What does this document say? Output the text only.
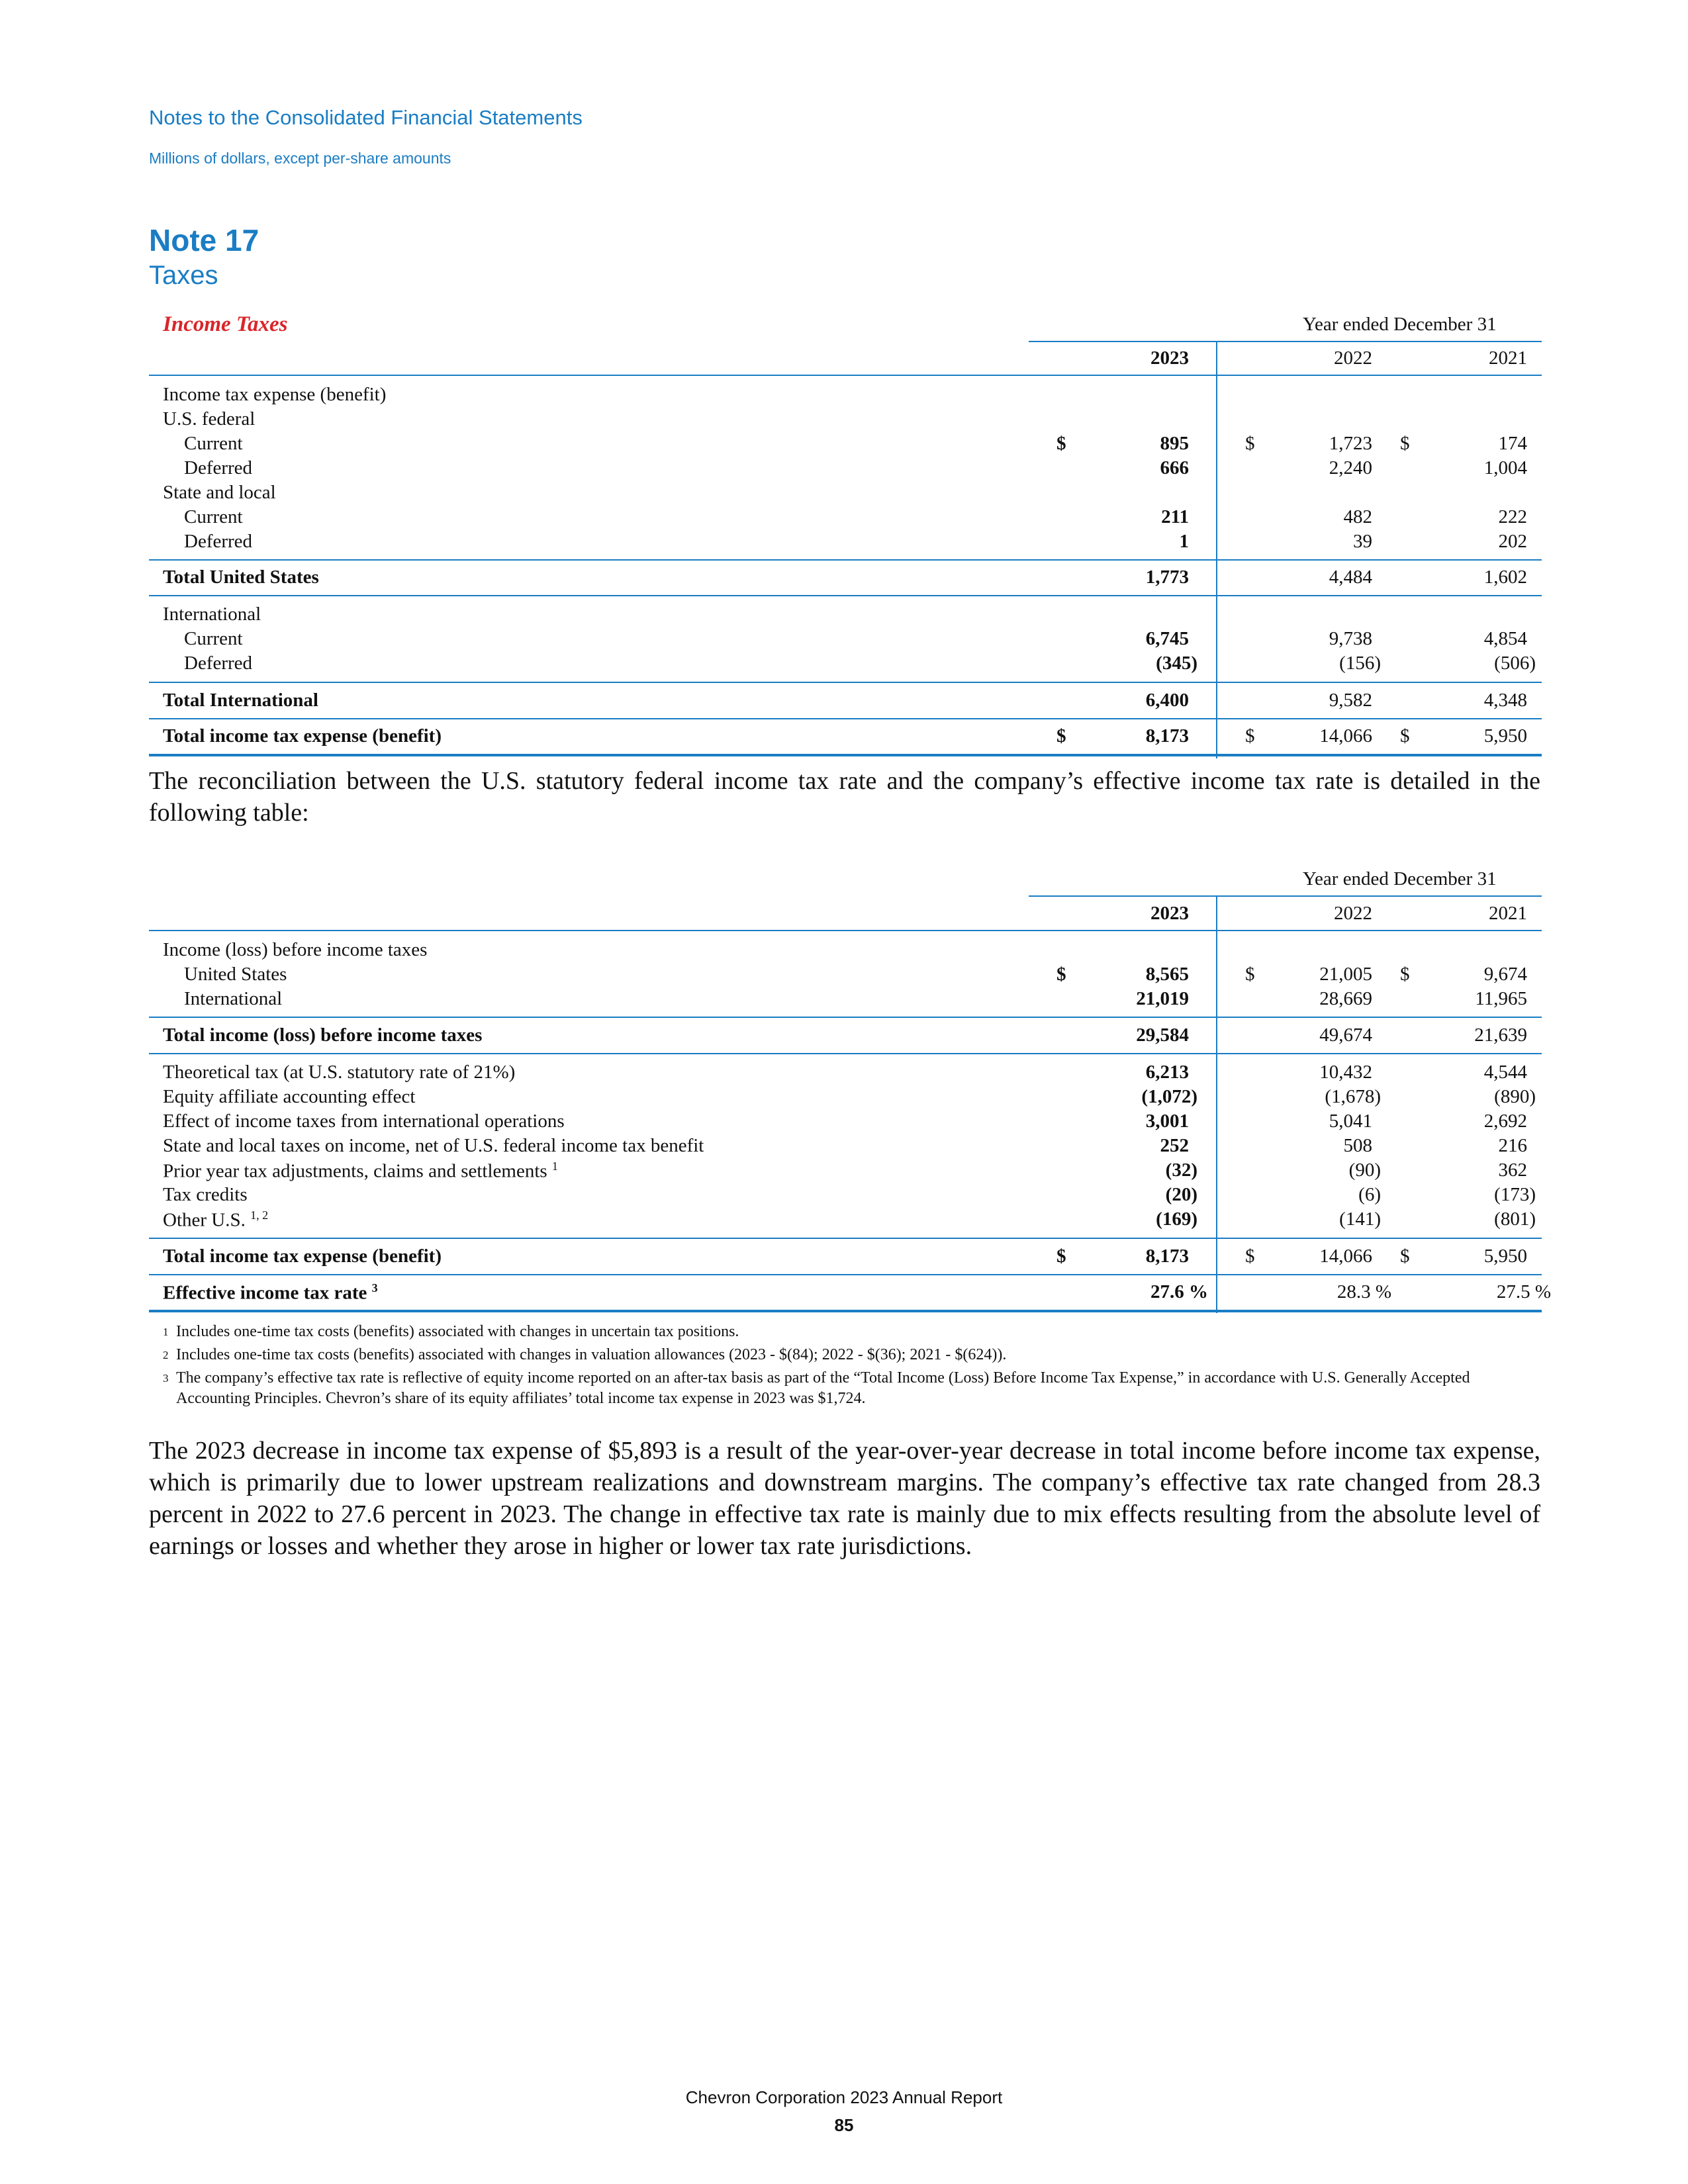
Notes to the Consolidated Financial Statements
Millions of dollars, except per-share amounts
Note 17
Taxes
Income Taxes	Year ended December 31
2023	2022	2021
Income tax expense (benefit)
U.S. federal
Current	$	895	$	1,723 $	174
Deferred	666	2,240	1,004
State and local
Current	211	482	222
Deferred	1	39	202
Total United States	1,773	4,484	1,602
International
Current	6,745	9,738	4,854
Deferred	(345)	(156)	(506)
Total International	6,400	9,582	4,348
Total income tax expense (benefit)	$	8,173	$	14,066 $	5,950
The reconciliation between the U.S. statutory federal income tax rate and the company’s effective income tax rate is detailed in the following table:
Year ended December 31
2023	2022	2021
Income (loss) before income taxes
United States	$	8,565	$	21,005 $	9,674
International	21,019	28,669	11,965
Total income (loss) before income taxes	29,584	49,674	21,639
Theoretical tax (at U.S. statutory rate of 21%)	6,213	10,432	4,544
Equity affiliate accounting effect	(1,072)	(1,678)	(890)
Effect of income taxes from international operations	3,001	5,041	2,692
State and local taxes on income, net of U.S. federal income tax benefit	252	508	216
Prior year tax adjustments, claims and settlements $^1$	(32)	(90)	362
Tax credits	(20)	(6)	(173)
Other U.S. $^{1, 2}$	(169)	(141)	(801)
Total income tax expense (benefit)	$	8,173	$	14,066 $	5,950
Effective income tax rate $^3$	27.6 %	28.3 %	27.5 %
1 Includes one-time tax costs (benefits) associated with changes in uncertain tax positions.
2 Includes one-time tax costs (benefits) associated with changes in valuation allowances (2023 - $(84); 2022 - $(36); 2021 - $(624)).
3 The company’s effective tax rate is reflective of equity income reported on an after-tax basis as part of the “Total Income (Loss) Before Income Tax Expense,” in accordance with U.S. Generally Accepted Accounting Principles. Chevron’s share of its equity affiliates’ total income tax expense in 2023 was $1,724.
The 2023 decrease in income tax expense of $5,893 is a result of the year-over-year decrease in total income before income tax expense, which is primarily due to lower upstream realizations and downstream margins. The company’s effective tax rate changed from 28.3 percent in 2022 to 27.6 percent in 2023. The change in effective tax rate is mainly due to mix effects resulting from the absolute level of earnings or losses and whether they arose in higher or lower tax rate jurisdictions.
Chevron Corporation 2023 Annual Report
85
